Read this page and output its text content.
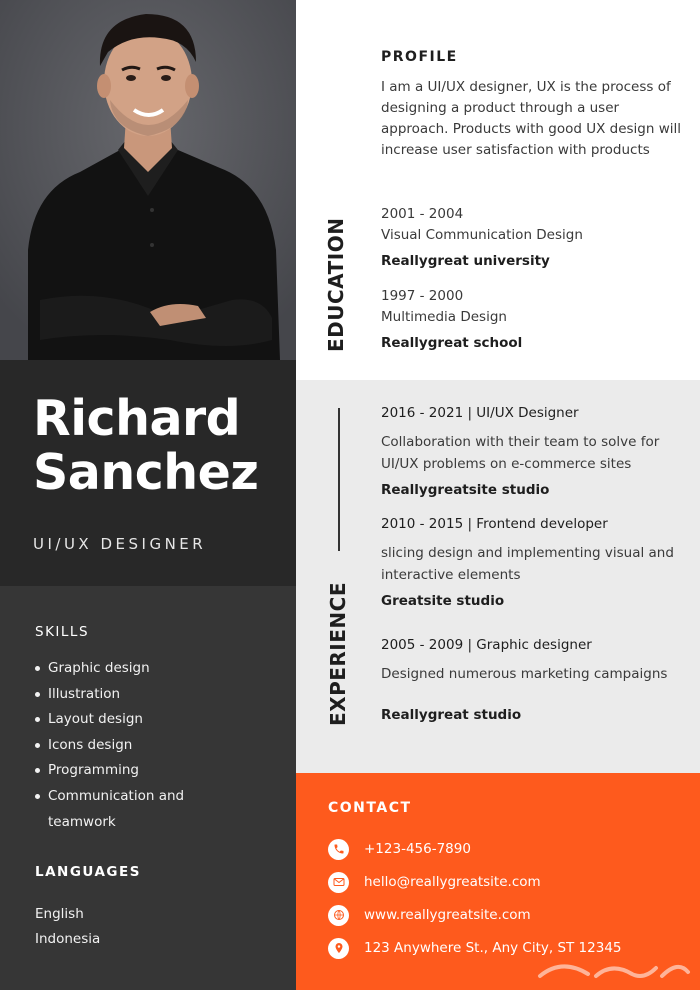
Richard
Sanchez
UI/UX DESIGNER
SKILLS
Graphic design
Illustration
Layout design
Icons design
Programming
Communication and teamwork
LANGUAGES
English
Indonesia
PROFILE
I am a UI/UX designer, UX is the process of designing a product through a user approach. Products with good UX design will increase user satisfaction with products
EDUCATION
2001 - 2004
Visual Communication Design
Reallygreat university
1997 - 2000
Multimedia Design
Reallygreat school
EXPERIENCE
2016 - 2021 | UI/UX Designer
Collaboration with their team to solve for UI/UX problems on e-commerce sites
Reallygreatsite studio
2010 - 2015 | Frontend developer
slicing design and implementing visual and interactive elements
Greatsite studio
2005 - 2009 | Graphic designer
Designed numerous marketing campaigns
Reallygreat studio
CONTACT
+123-456-7890
hello@reallygreatsite.com
www.reallygreatsite.com
123 Anywhere St., Any City, ST 12345
